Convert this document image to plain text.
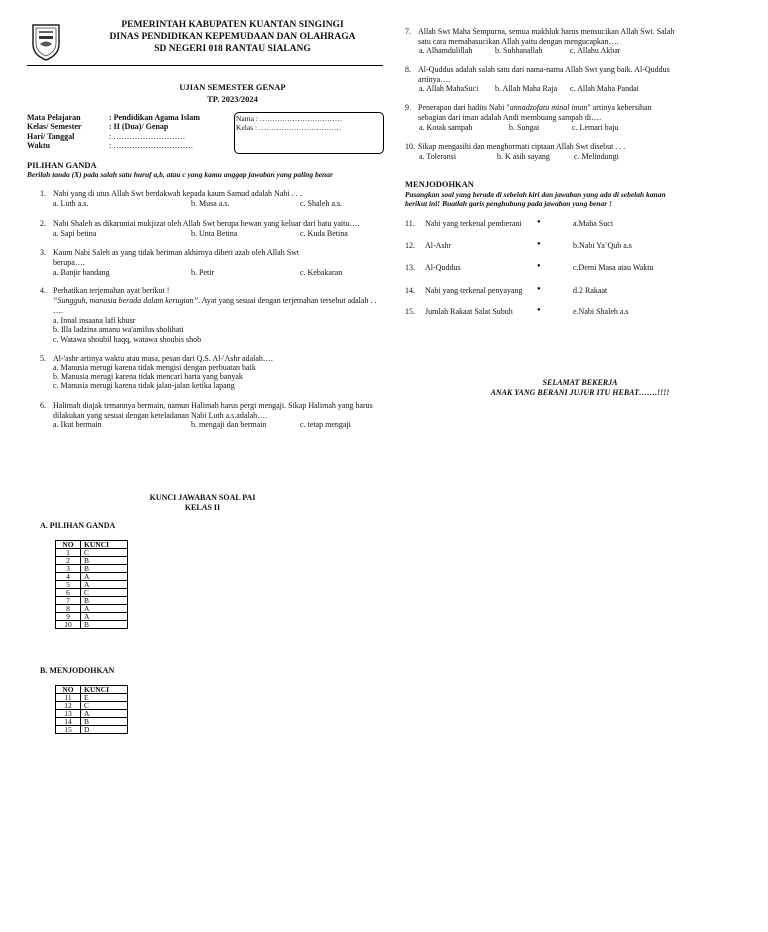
PEMERINTAH KABUPATEN KUANTAN SINGINGI
DINAS PENDIDIKAN KEPEMUDAAN DAN OLAHRAGA
SD NEGERI 018 RANTAU SIALANG
UJIAN SEMESTER GENAP
TP. 2023/2024
Mata Pelajaran	: Pendidikan Agama Islam
Kelas/ Semester	: II (Dua)/ Genap
Hari/ Tanggal	: ………………………
Waktu	: …………………………
Nama : ……………………………
Kelas : ……………………………
PILIHAN GANDA
Berilah tanda (X) pada salah satu huruf a,b, atau c yang kamu anggap jawaban yang paling benar
1. Nabi yang di utus Allah Swt berdakwah kepada kaum Samud adalah Nabi . . .
a. Luth a.s.	b. Musa a.s.	c. Shaleh a.s.
2. Nabi Shaleh as dikaruniai mukjizat oleh Allah Swt berupa hewan yang keluar dari batu yaitu….
a. Sapi betina	b. Unta Betina	c. Kuda Betina
3. Kaum Nabi Saleh as yang tidak beriman akhirnya diberi azab oleh Allah Swt berupa….
a. Banjir bandang	b. Petir	c. Kebakaran
4. Perhatikan terjemahan ayat berikut !
“Sungguh, manusia berada dalam kerugian”. Ayat yang sesuai dengan terjemahan tersebut adalah . . ….
a. Innal insaana lafi khusr
b. Illa ladzina amanu wa'amilus sholihati
c. Watawa shoubil haqq, watawa shoubis shob
5. Al-'ashr artinya waktu atau masa, pesan dari Q.S. Al-'Ashr adalah….
a. Manusia merugi karena tidak mengisi dengan perbuatan baik
b. Manusia merugi karena tidak mencari harta yang banyak
c. Manusia merugi karena tidak jalan-jalan ketika lapang
6. Halimah diajak temannya bermain, namun Halimah harus pergi mengaji. Sikap Halimah yang harus dilakukan yang sesuai dengan keteladanan Nabi Luth a.s.adalah….
a. Ikut bermain	b. mengaji dan bermain	c. tetap mengaji
7. Allah Swt Maha Sempurna, semua makhluk harus mensucikan Allah Swt. Salah satu cara memahasucikan Allah yaitu dengan mengucapkan….
a. Alhamdulillah	b. Subhanallah	c. Allahu Akbar
8. Al-Quddus adalah salah satu dari nama-nama Allah Swt yang baik. Al-Quddus artinya….
a. Allah MahaSuci b. Allah Maha Raja c. Allah Maha Pandai
9. Penerapan dari hadits Nabi "annadzofatu minal iman" artinya kebersihan sebagian dari iman adalah Andi membuang sampah di….
a. Kotak sampah	b. Sungai	c. Lemari baju
10. Sikap mengasihi dan menghormati ciptaan Allah Swt disebut . . .
a. Toleransi	b. K asih sayang	c. Melindungi
MENJODOHKAN
Pasangkan soal yang berada di sebelah kiri dan jawaban yang ada di sebelah kanan berikut ini! Buatlah garis penghubung pada jawaban yang benar !
11. Nabi yang terkenal pemberani	●	a.Maha Suci
12. Al-Ashr	●	b.Nabi Ya`Qub a.s
13. Al-Quddus	●	c.Demi Masa atau Waktu
14. Nabi yang terkenal penyayang ●	d.2 Rakaat
15. Jumlah Rakaat Salat Subuh	●	e.Nabi Shaleh a.s
SELAMAT BEKERJA
ANAK YANG BERANI JUJUR ITU HEBAT…….!!!!
KUNCI JAWABAN SOAL PAI
KELAS II
A. PILIHAN GANDA
NO	KUNCI
1	C
2	B
3	B
4	A
5	A
6	C
7	B
8	A
9	A
10	B
B. MENJODOHKAN
NO	KUNCI
11	E
12	C
13	A
14	B
15	D
